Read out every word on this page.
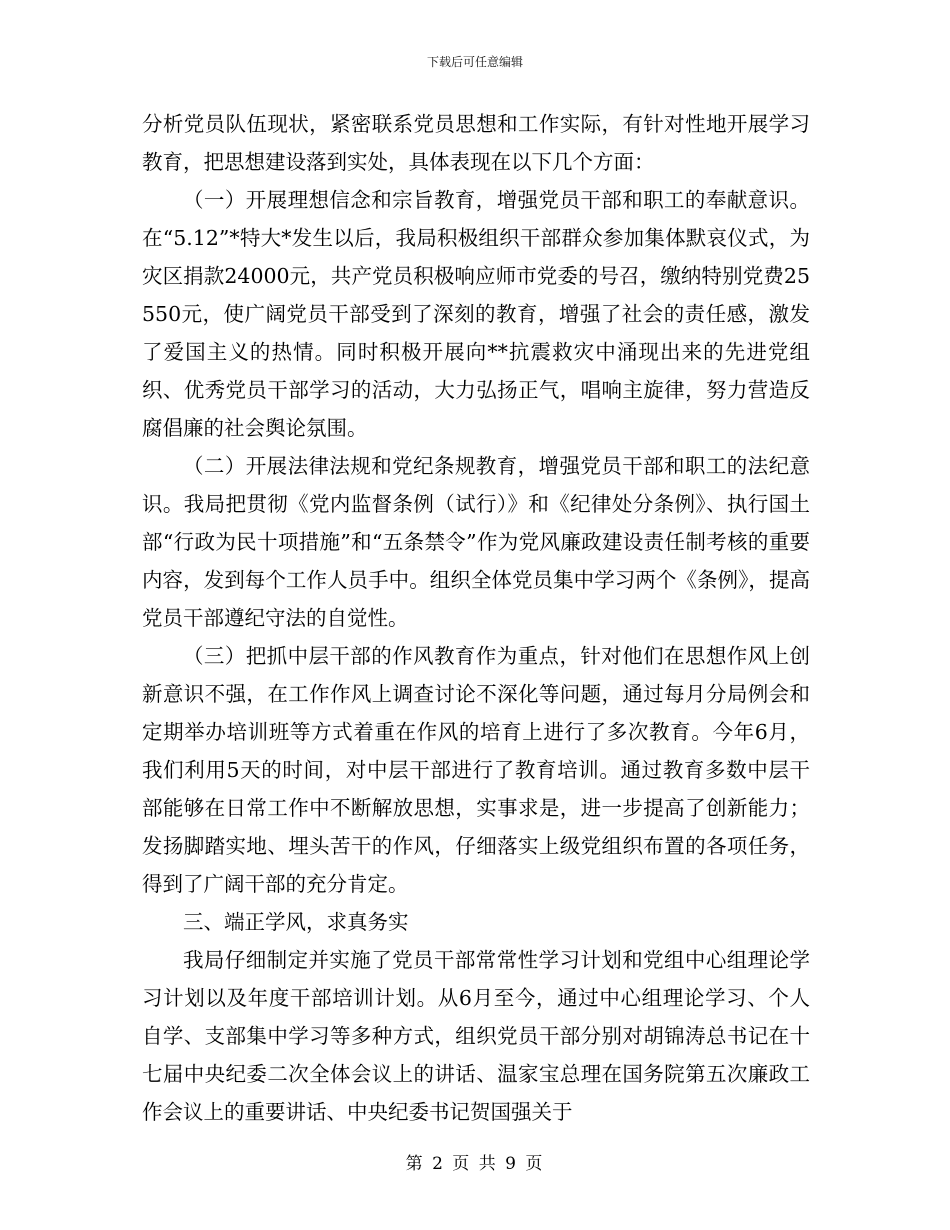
下载后可任意编辑

分析党员队伍现状，紧密联系党员思想和工作实际，有针对性地开展学习教育，把思想建设落到实处，具体表现在以下几个方面：

（一）开展理想信念和宗旨教育，增强党员干部和职工的奉献意识。在“5.12”*特大*发生以后，我局积极组织干部群众参加集体默哀仪式，为灾区捐款24000元，共产党员积极响应师市党委的号召，缴纳特别党费25550元，使广阔党员干部受到了深刻的教育，增强了社会的责任感，激发了爱国主义的热情。同时积极开展向**抗震救灾中涌现出来的先进党组织、优秀党员干部学习的活动，大力弘扬正气，唱响主旋律，努力营造反腐倡廉的社会舆论氛围。

（二）开展法律法规和党纪条规教育，增强党员干部和职工的法纪意识。我局把贯彻《党内监督条例（试行）》和《纪律处分条例》、执行国土部“行政为民十项措施”和“五条禁令”作为党风廉政建设责任制考核的重要内容，发到每个工作人员手中。组织全体党员集中学习两个《条例》，提高党员干部遵纪守法的自觉性。

（三）把抓中层干部的作风教育作为重点，针对他们在思想作风上创新意识不强，在工作作风上调查讨论不深化等问题，通过每月分局例会和定期举办培训班等方式着重在作风的培育上进行了多次教育。今年6月，我们利用5天的时间，对中层干部进行了教育培训。通过教育多数中层干部能够在日常工作中不断解放思想，实事求是，进一步提高了创新能力；发扬脚踏实地、埋头苦干的作风，仔细落实上级党组织布置的各项任务，得到了广阔干部的充分肯定。

三、端正学风，求真务实

我局仔细制定并实施了党员干部常常性学习计划和党组中心组理论学习计划以及年度干部培训计划。从6月至今，通过中心组理论学习、个人自学、支部集中学习等多种方式，组织党员干部分别对胡锦涛总书记在十七届中央纪委二次全体会议上的讲话、温家宝总理在国务院第五次廉政工作会议上的重要讲话、中央纪委书记贺国强关于

第 2 页 共 9 页
